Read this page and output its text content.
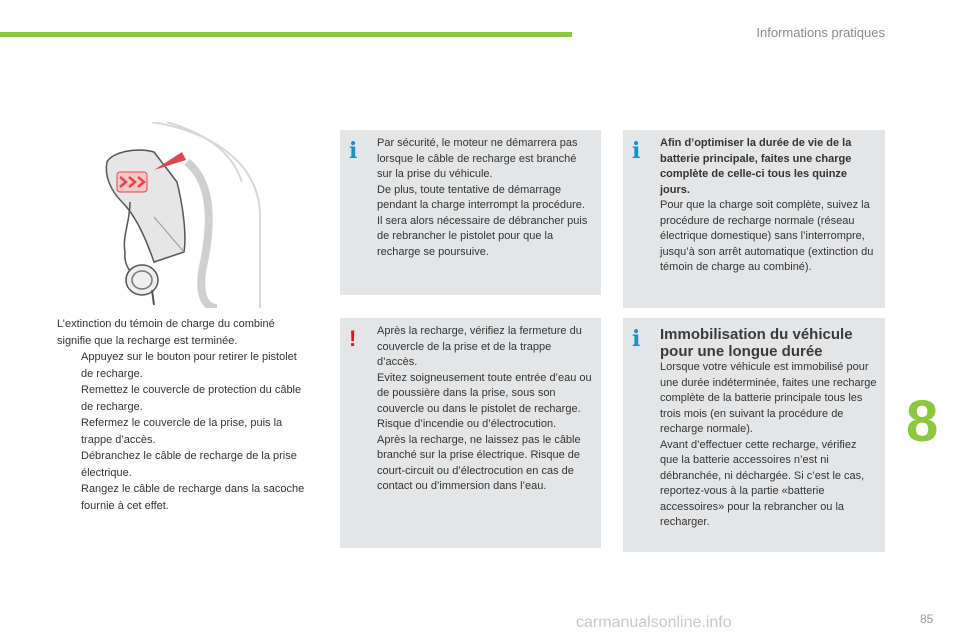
Informations pratiques

L’extinction du témoin de charge du combiné signifie que la recharge est terminée.

Appuyez sur le bouton pour retirer le pistolet de recharge.
Remettez le couvercle de protection du câble de recharge.
Refermez le couvercle de la prise, puis la trappe d’accès.
Débranchez le câble de recharge de la prise électrique.
Rangez le câble de recharge dans la sacoche fournie à cet effet.
i Par sécurité, le moteur ne démarrera pas lorsque le câble de recharge est branché sur la prise du véhicule.

De plus, toute tentative de démarrage pendant la charge interrompt la procédure. Il sera alors nécessaire de débrancher puis de rebrancher le pistolet pour que la recharge se poursuive.

! Après la recharge, vérifiez la fermeture du couvercle de la prise et de la trappe d’accès.

Evitez soigneusement toute entrée d’eau ou de poussière dans la prise, sous son couvercle ou dans le pistolet de recharge. Risque d’incendie ou d’électrocution.

Après la recharge, ne laissez pas le câble branché sur la prise électrique. Risque de court-circuit ou d’électrocution en cas de contact ou d’immersion dans l’eau.

i Afin d’optimiser la durée de vie de la batterie principale, faites une charge complète de celle-ci tous les quinze jours.

Pour que la charge soit complète, suivez la procédure de recharge normale (réseau électrique domestique) sans l’interrompre, jusqu’à son arrêt automatique (extinction du témoin de charge au combiné).

i Immobilisation du véhicule pour une longue durée

Lorsque votre véhicule est immobilisé pour une durée indéterminée, faites une recharge complète de la batterie principale tous les trois mois (en suivant la procédure de recharge normale).

Avant d’effectuer cette recharge, vérifiez que la batterie accessoires n’est ni débranchée, ni déchargée. Si c’est le cas, reportez-vous à la partie «batterie accessoires» pour la rebrancher ou la recharger.

8
85
carmanualsonline.info
